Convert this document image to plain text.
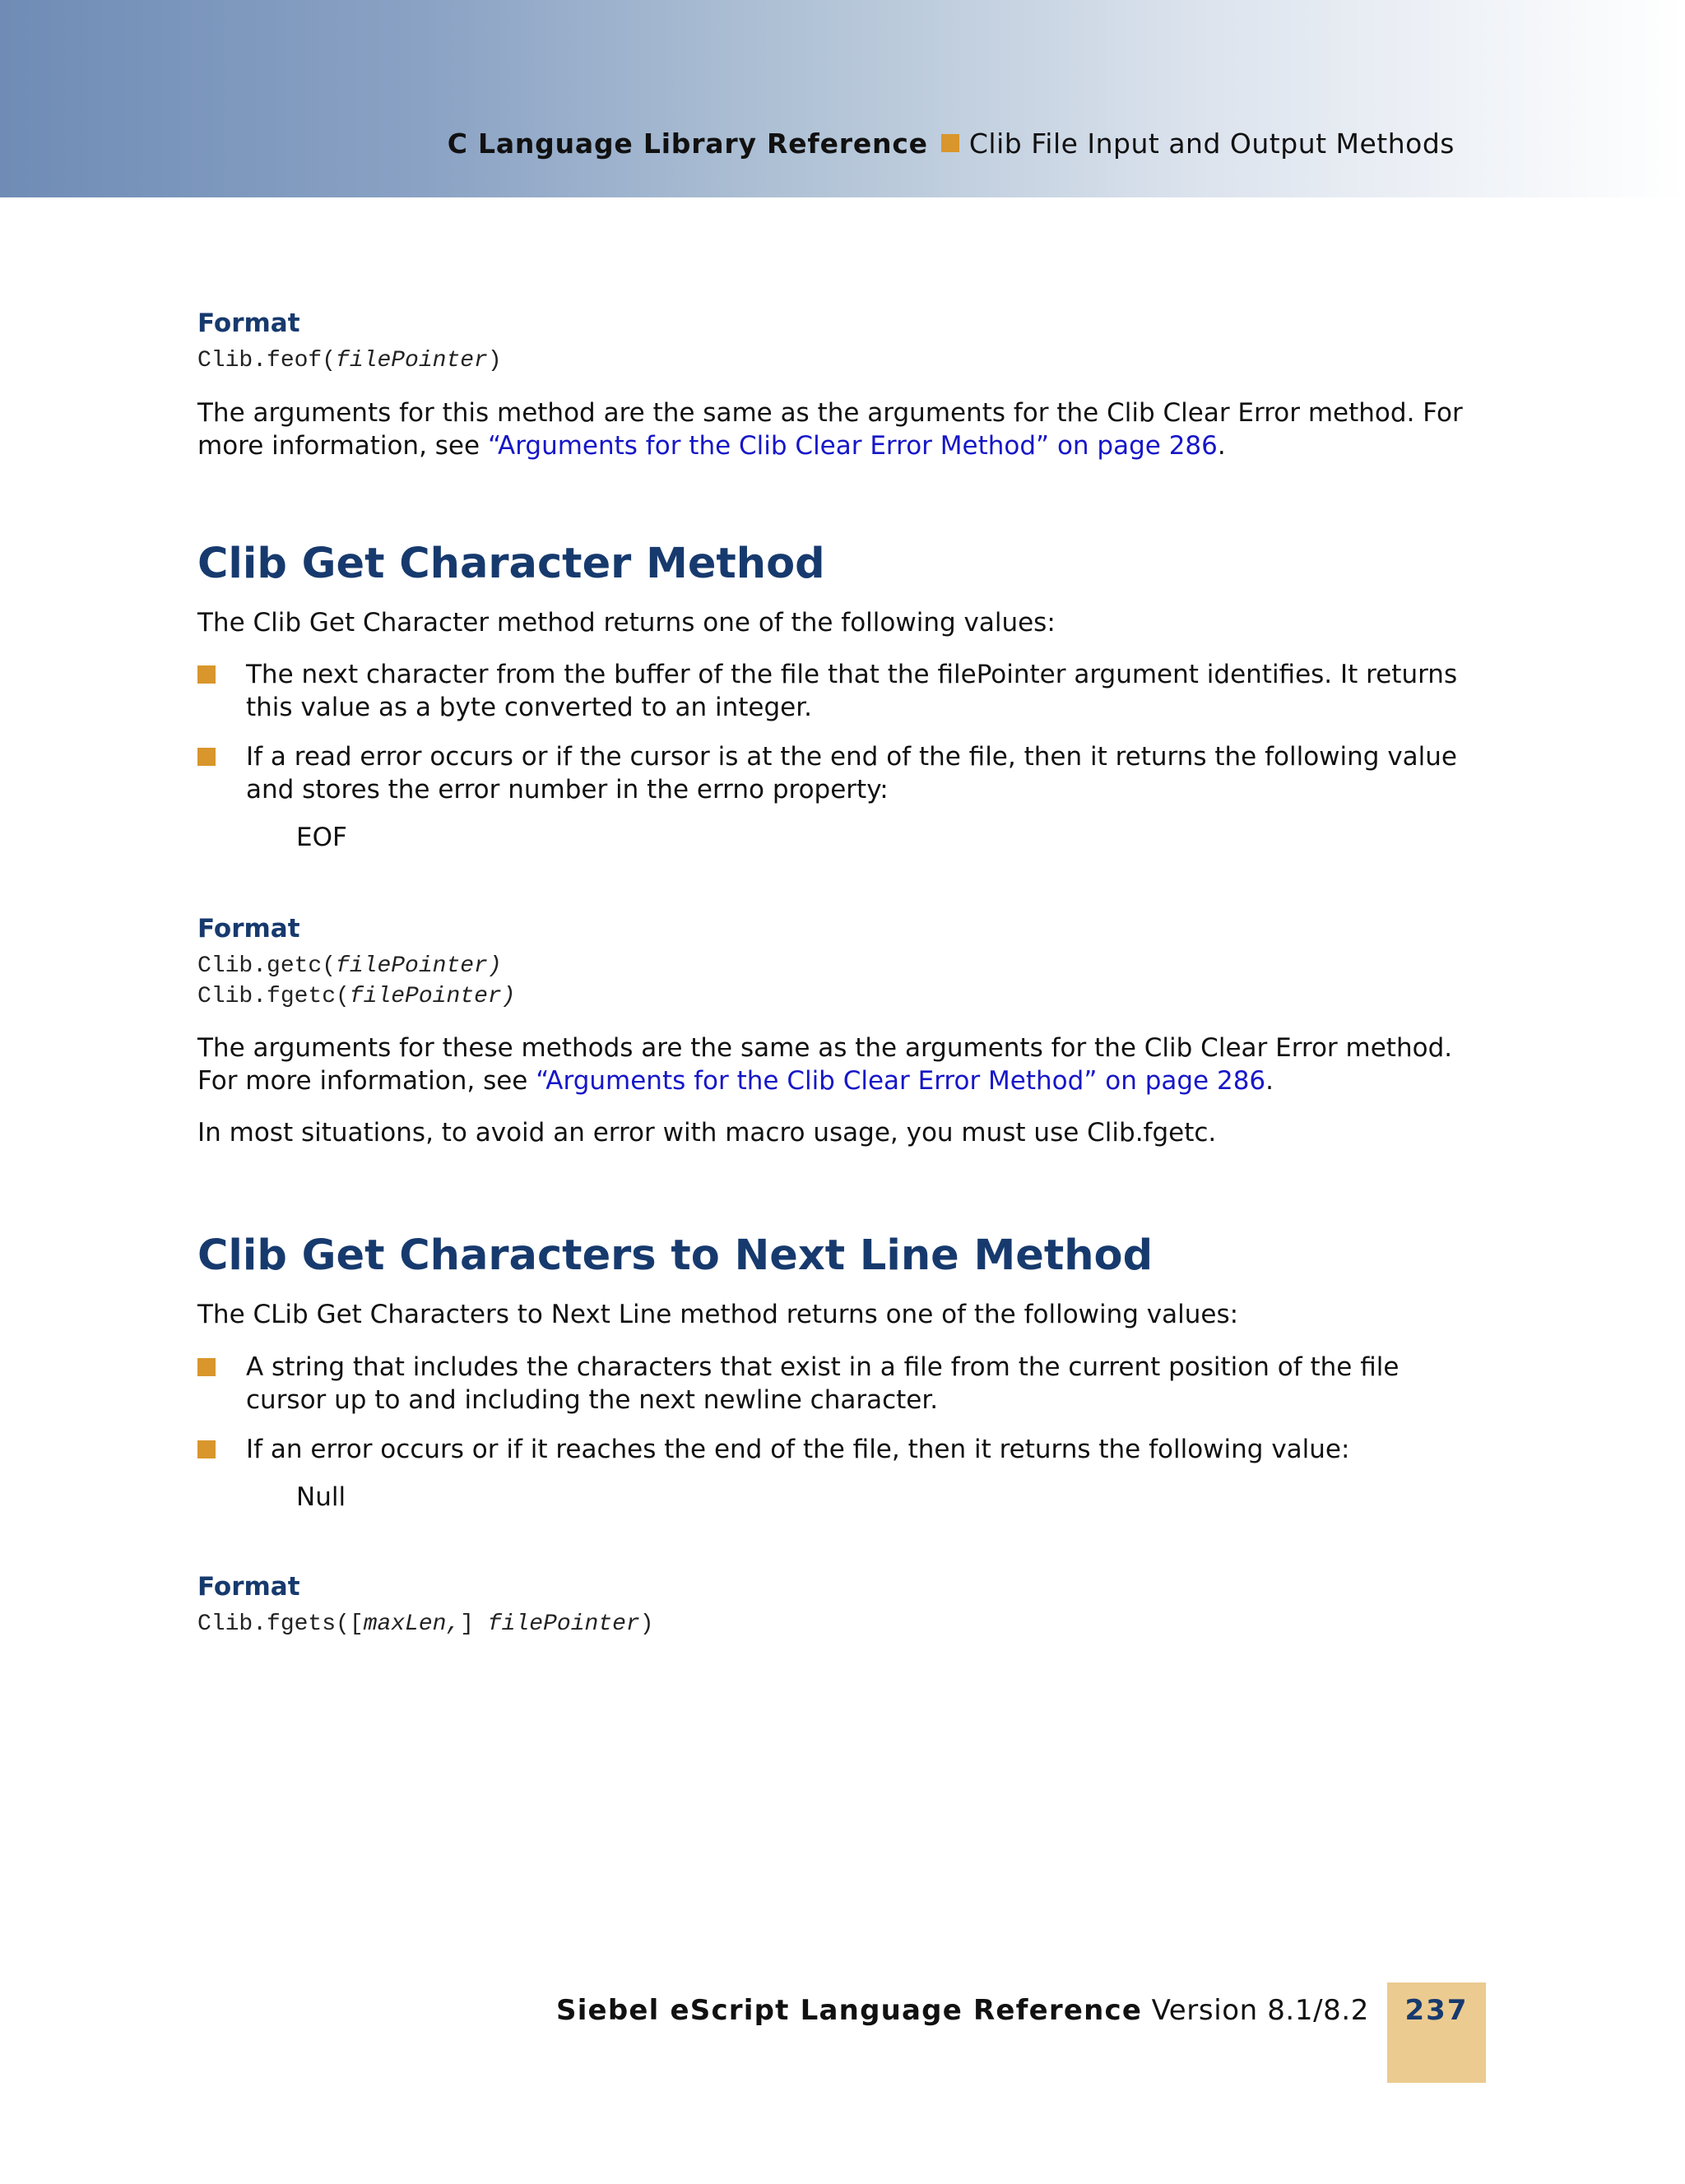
C Language Library Reference Clib File Input and Output Methods
Format
Clib.feof(filePointer)
The arguments for this method are the same as the arguments for the Clib Clear Error method. For more information, see “Arguments for the Clib Clear Error Method” on page 286.
Clib Get Character Method
The Clib Get Character method returns one of the following values:
The next character from the buffer of the file that the filePointer argument identifies. It returns this value as a byte converted to an integer.
If a read error occurs or if the cursor is at the end of the file, then it returns the following value and stores the error number in the errno property:
EOF
Format
Clib.getc(filePointer)
Clib.fgetc(filePointer)
The arguments for these methods are the same as the arguments for the Clib Clear Error method. For more information, see “Arguments for the Clib Clear Error Method” on page 286.
In most situations, to avoid an error with macro usage, you must use Clib.fgetc.
Clib Get Characters to Next Line Method
The CLib Get Characters to Next Line method returns one of the following values:
A string that includes the characters that exist in a file from the current position of the file cursor up to and including the next newline character.
If an error occurs or if it reaches the end of the file, then it returns the following value:
Null
Format
Clib.fgets([maxLen,] filePointer)
Siebel eScript Language Reference Version 8.1/8.2	237
